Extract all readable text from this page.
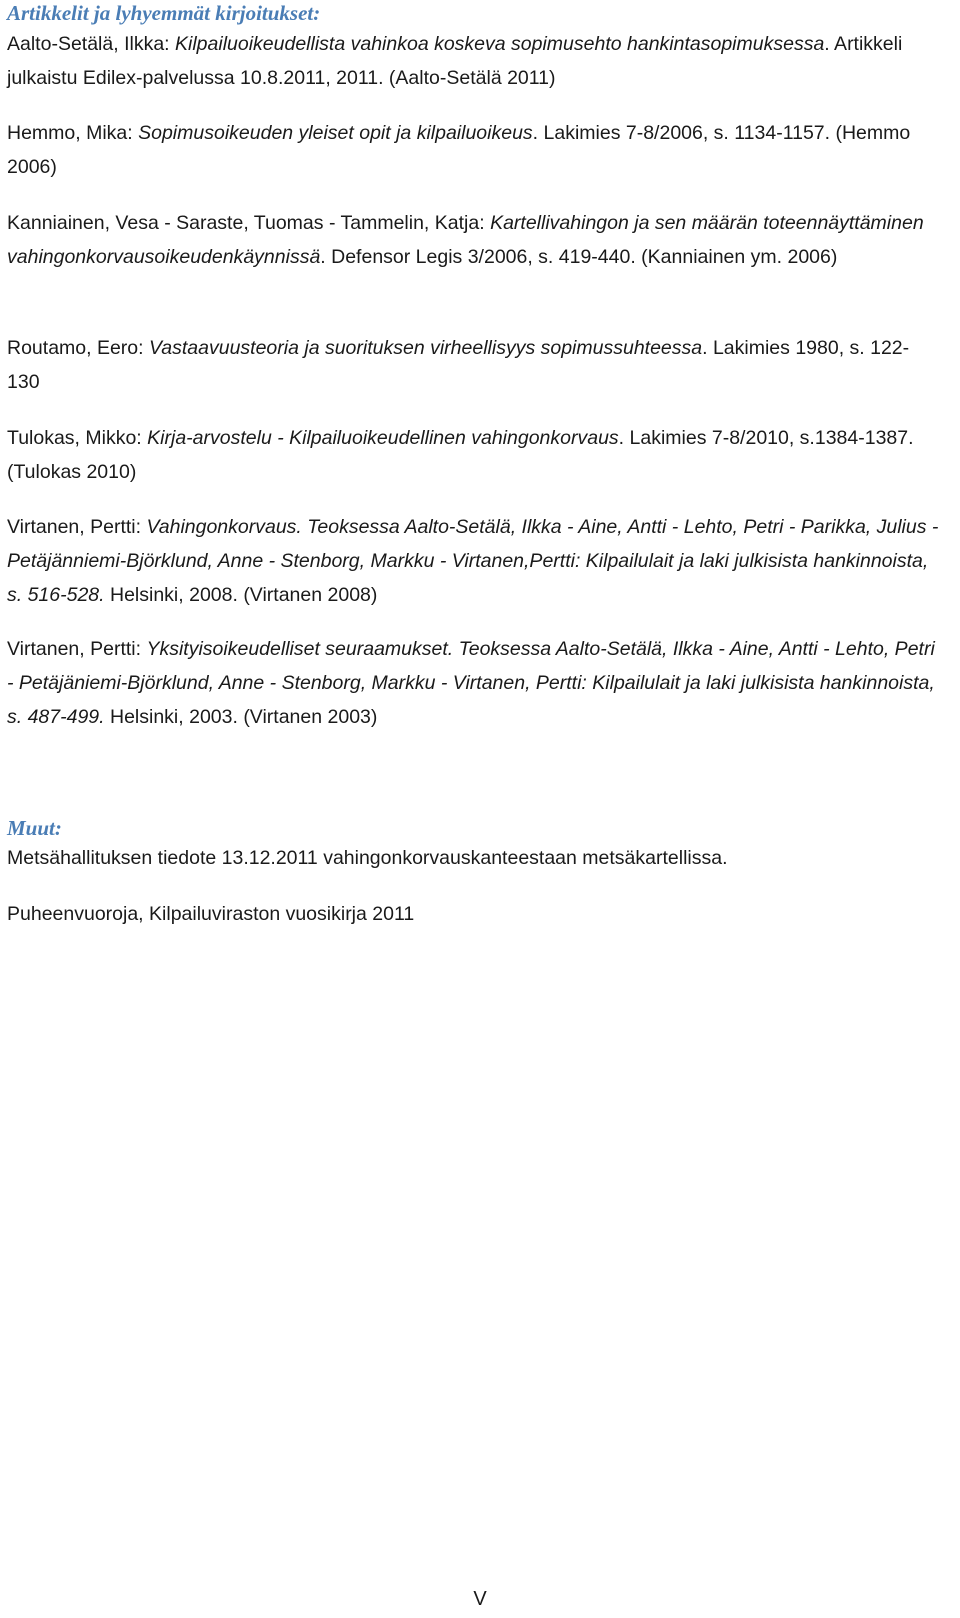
Artikkelit ja lyhyemmät kirjoitukset:
Aalto-Setälä, Ilkka: Kilpailuoikeudellista vahinkoa koskeva sopimusehto hankintasopimuksessa. Artikkeli julkaistu Edilex-palvelussa 10.8.2011, 2011. (Aalto-Setälä 2011)
Hemmo, Mika: Sopimusoikeuden yleiset opit ja kilpailuoikeus. Lakimies 7-8/2006, s. 1134-1157. (Hemmo 2006)
Kanniainen, Vesa - Saraste, Tuomas - Tammelin, Katja: Kartellivahingon ja sen määrän toteennäyttäminen vahingonkorvausoikeudenkäynnissä. Defensor Legis 3/2006, s. 419-440. (Kanniainen ym. 2006)
Routamo, Eero: Vastaavuusteoria ja suorituksen virheellisyys sopimussuhteessa. Lakimies 1980, s. 122-130
Tulokas, Mikko: Kirja-arvostelu - Kilpailuoikeudellinen vahingonkorvaus. Lakimies 7-8/2010, s.1384-1387. (Tulokas 2010)
Virtanen, Pertti: Vahingonkorvaus. Teoksessa Aalto-Setälä, Ilkka - Aine, Antti - Lehto, Petri - Parikka, Julius - Petäjänniemi-Björklund, Anne - Stenborg, Markku - Virtanen,Pertti: Kilpailulait ja laki julkisista hankinnoista, s. 516-528. Helsinki, 2008. (Virtanen 2008)
Virtanen, Pertti: Yksityisoikeudelliset seuraamukset. Teoksessa Aalto-Setälä, Ilkka - Aine, Antti - Lehto, Petri - Petäjäniemi-Björklund, Anne - Stenborg, Markku - Virtanen, Pertti: Kilpailulait ja laki julkisista hankinnoista, s. 487-499. Helsinki, 2003. (Virtanen 2003)
Muut:
Metsähallituksen tiedote 13.12.2011 vahingonkorvauskanteestaan metsäkartellissa.
Puheenvuoroja, Kilpailuviraston vuosikirja 2011
V
